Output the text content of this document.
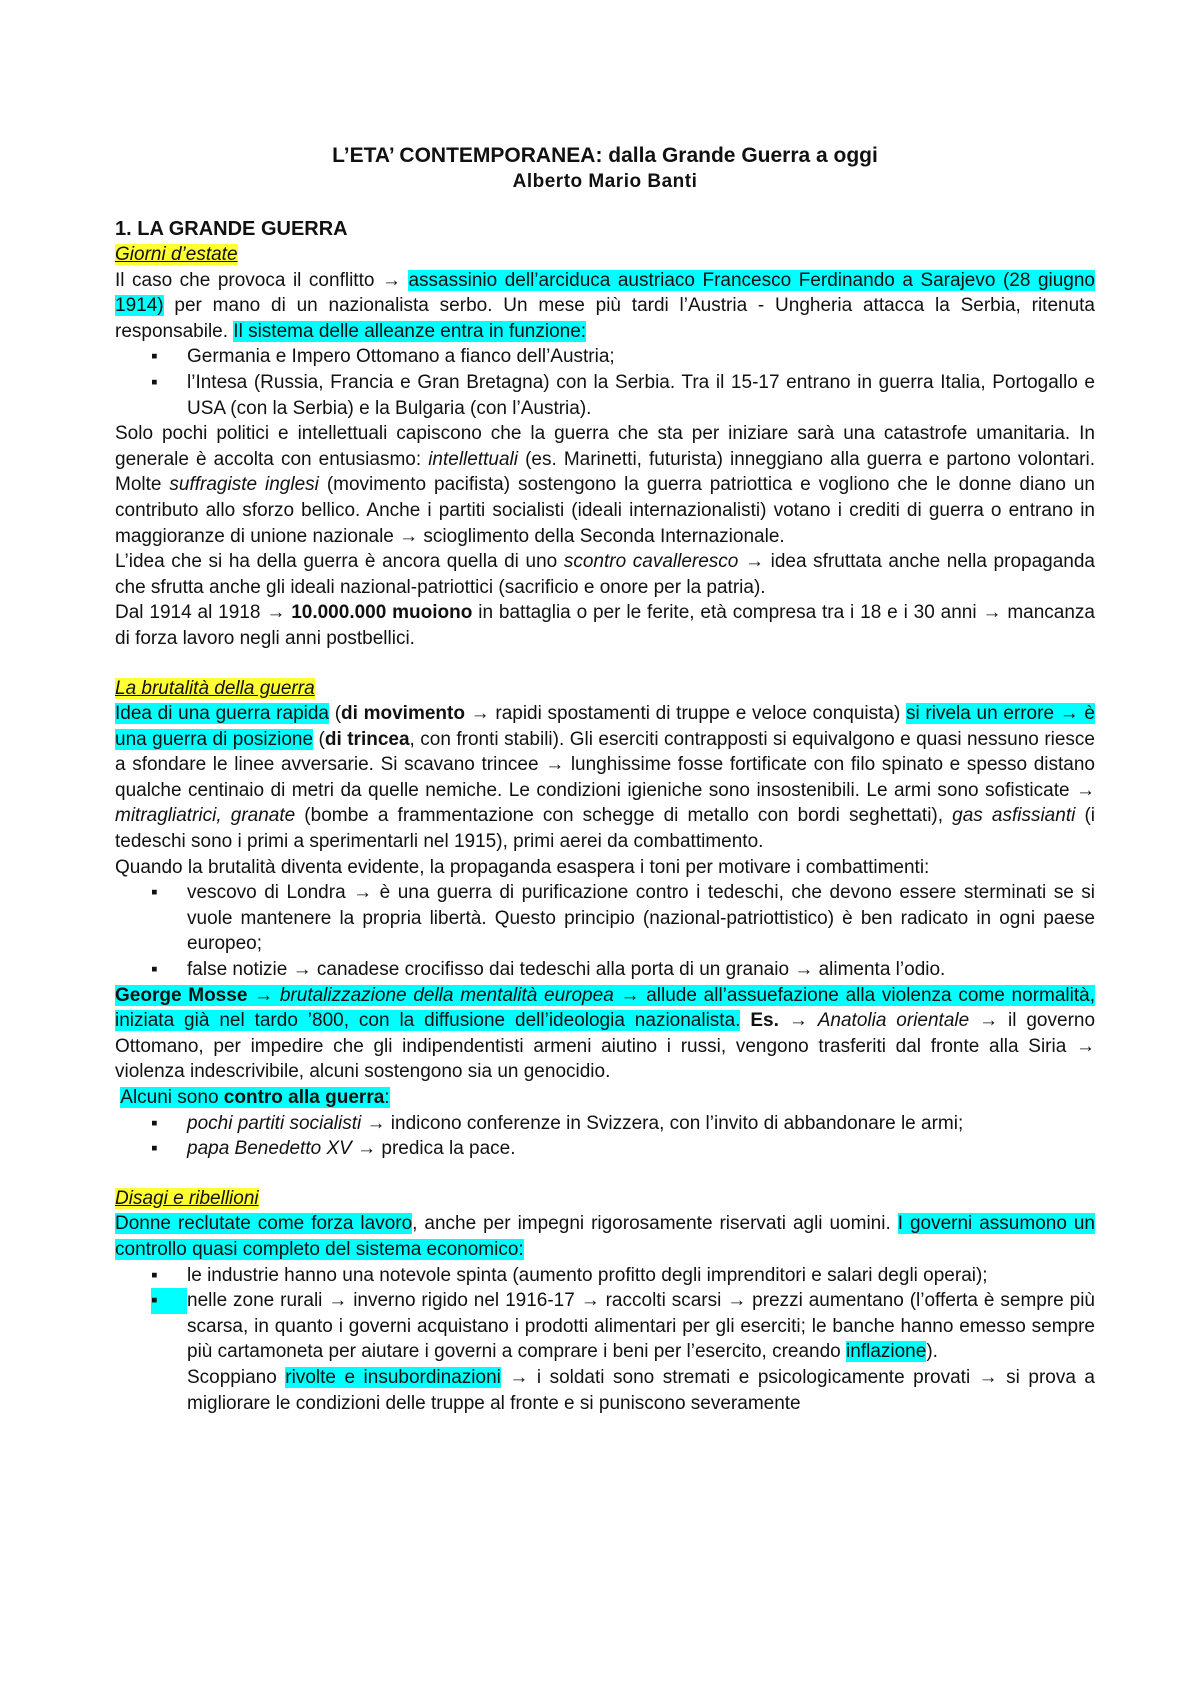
L’ETA’ CONTEMPORANEA: dalla Grande Guerra a oggi
Alberto Mario Banti
1. LA GRANDE GUERRA
Giorni d’estate

Il caso che provoca il conflitto → assassinio dell’arciduca austriaco Francesco Ferdinando a Sarajevo (28 giugno 1914) per mano di un nazionalista serbo. Un mese più tardi l’Austria - Ungheria attacca la Serbia, ritenuta responsabile. Il sistema delle alleanze entra in funzione:

▪	Germania e Impero Ottomano a fianco dell’Austria;
▪	l’Intesa (Russia, Francia e Gran Bretagna) con la Serbia. Tra il 15-17 entrano in guerra Italia, Portogallo e USA (con la Serbia) e la Bulgaria (con l’Austria).

Solo pochi politici e intellettuali capiscono che la guerra che sta per iniziare sarà una catastrofe umanitaria. In generale è accolta con entusiasmo: intellettuali (es. Marinetti, futurista) inneggiano alla guerra e partono volontari. Molte suffragiste inglesi (movimento pacifista) sostengono la guerra patriottica e vogliono che le donne diano un contributo allo sforzo bellico. Anche i partiti socialisti (ideali internazionalisti) votano i crediti di guerra o entrano in maggioranze di unione nazionale → scioglimento della Seconda Internazionale.

L’idea che si ha della guerra è ancora quella di uno scontro cavalleresco → idea sfruttata anche nella propaganda che sfrutta anche gli ideali nazional-patriottici (sacrificio e onore per la patria).

Dal 1914 al 1918 → 10.000.000 muoiono in battaglia o per le ferite, età compresa tra i 18 e i 30 anni → mancanza di forza lavoro negli anni postbellici.

La brutalità della guerra

Idea di una guerra rapida (di movimento → rapidi spostamenti di truppe e veloce conquista) si rivela un errore → è una guerra di posizione (di trincea, con fronti stabili). Gli eserciti contrapposti si equivalgono e quasi nessuno riesce a sfondare le linee avversarie. Si scavano trincee → lunghissime fosse fortificate con filo spinato e spesso distano qualche centinaio di metri da quelle nemiche. Le condizioni igieniche sono insostenibili. Le armi sono sofisticate → mitragliatrici, granate (bombe a frammentazione con schegge di metallo con bordi seghettati), gas asfissianti (i tedeschi sono i primi a sperimentarli nel 1915), primi aerei da combattimento.

Quando la brutalità diventa evidente, la propaganda esaspera i toni per motivare i combattimenti:

▪	vescovo di Londra → è una guerra di purificazione contro i tedeschi, che devono essere sterminati se si vuole mantenere la propria libertà. Questo principio (nazional-patriottistico) è ben radicato in ogni paese europeo;
▪	false notizie → canadese crocifisso dai tedeschi alla porta di un granaio → alimenta l’odio.

George Mosse → brutalizzazione della mentalità europea → allude all’assuefazione alla violenza come normalità, iniziata già nel tardo ’800, con la diffusione dell’ideologia nazionalista. Es. → Anatolia orientale → il governo Ottomano, per impedire che gli indipendentisti armeni aiutino i russi, vengono trasferiti dal fronte alla Siria → violenza indescrivibile, alcuni sostengono sia un genocidio.

Alcuni sono contro alla guerra:

▪	pochi partiti socialisti → indicono conferenze in Svizzera, con l’invito di abbandonare le armi;
▪	papa Benedetto XV → predica la pace.
Disagi e ribellioni

Donne reclutate come forza lavoro, anche per impegni rigorosamente riservati agli uomini. I governi assumono un controllo quasi completo del sistema economico:

▪	le industrie hanno una notevole spinta (aumento profitto degli imprenditori e salari degli operai);
▪	nelle zone rurali → inverno rigido nel 1916-17 → raccolti scarsi → prezzi aumentano (l’offerta è sempre più scarsa, in quanto i governi acquistano i prodotti alimentari per gli eserciti; le banche hanno emesso sempre più cartamoneta per aiutare i governi a comprare i beni per l’esercito, creando inflazione).
Scoppiano rivolte e insubordinazioni → i soldati sono stremati e psicologicamente provati → si prova a migliorare le condizioni delle truppe al fronte e si puniscono severamente
